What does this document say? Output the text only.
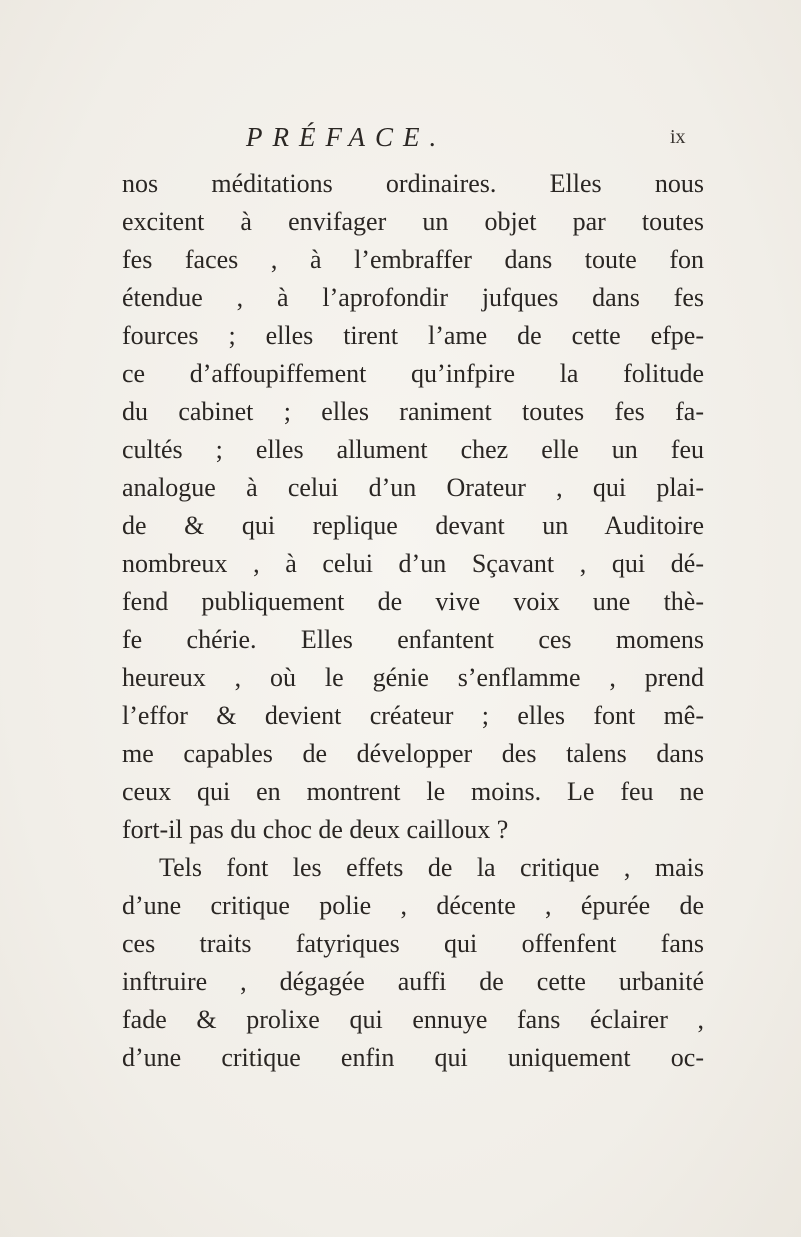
PRÉFACE.	ix
nos méditations ordinaires. Elles nous
excitent à envifager un objet par toutes
fes faces , à l’embraffer dans toute fon
étendue , à l’aprofondir jufques dans fes
fources ; elles tirent l’ame de cette efpe-
ce d’affoupiffement qu’infpire la folitude
du cabinet ; elles raniment toutes fes fa-
cultés ; elles allument chez elle un feu
analogue à celui d’un Orateur , qui plai-
de & qui replique devant un Auditoire
nombreux , à celui d’un Sçavant , qui dé-
fend publiquement de vive voix une thè-
fe chérie. Elles enfantent ces momens
heureux , où le génie s’enflamme , prend
l’effor & devient créateur ; elles font mê-
me capables de développer des talens dans
ceux qui en montrent le moins. Le feu ne
fort-il pas du choc de deux cailloux ?
Tels font les effets de la critique , mais
d’une critique polie , décente , épurée de
ces traits fatyriques qui offenfent fans
inftruire , dégagée auffi de cette urbanité
fade & prolixe qui ennuye fans éclairer ,
d’une critique enfin qui uniquement oc-
